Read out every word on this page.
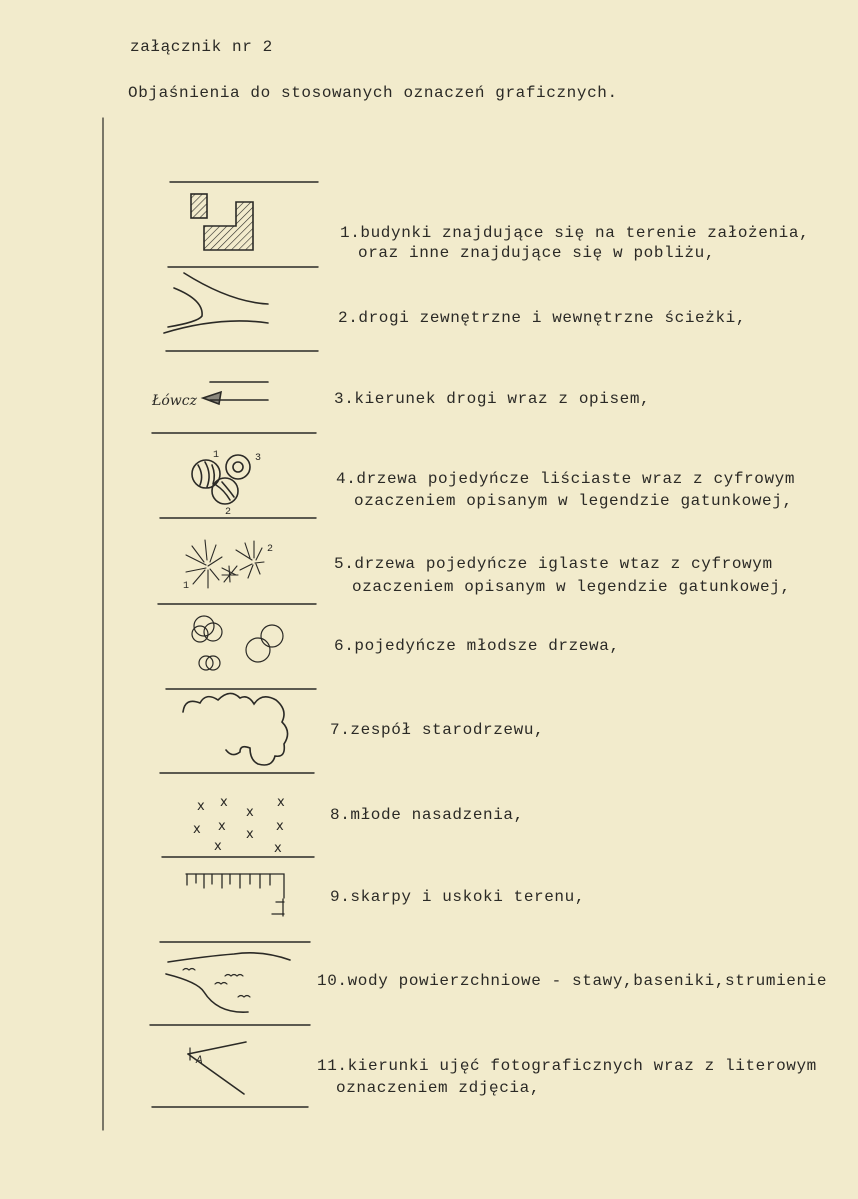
załącznik nr 2
Objaśnienia do stosowanych oznaczeń graficznych.
Łówcz
1
2
3
1
2
x x
x
x
x x
x
x
x	x
A
1.budynki znajdujące się na terenie założenia,
oraz inne znajdujące się w pobliżu,
2.drogi zewnętrzne i wewnętrzne ścieżki,
3.kierunek drogi wraz z opisem,
4.drzewa pojedyńcze liściaste wraz z cyfrowym
ozaczeniem opisanym w legendzie gatunkowej,
5.drzewa pojedyńcze iglaste wtaz z cyfrowym
ozaczeniem opisanym w legendzie gatunkowej,
6.pojedyńcze młodsze drzewa,
7.zespół starodrzewu,
8.młode nasadzenia,
9.skarpy i uskoki terenu,
10.wody powierzchniowe - stawy,baseniki,strumienie
11.kierunki ujęć fotograficznych wraz z literowym
oznaczeniem zdjęcia,
